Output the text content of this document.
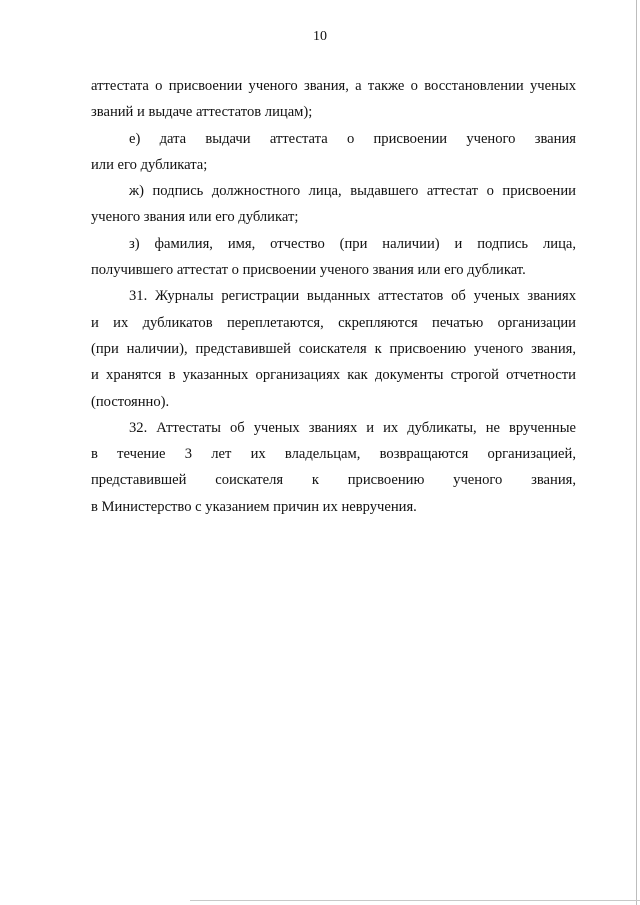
10

аттестата о присвоении ученого звания, а также о восстановлении ученых
званий и выдаче аттестатов лицам);

е) дата выдачи аттестата о присвоении ученого звания
или его дубликата;

ж) подпись должностного лица, выдавшего аттестат о присвоении
ученого звания или его дубликат;

з) фамилия, имя, отчество (при наличии) и подпись лица,
получившего аттестат о присвоении ученого звания или его дубликат.

31. Журналы регистрации выданных аттестатов об ученых званиях
и их дубликатов переплетаются, скрепляются печатью организации
(при наличии), представившей соискателя к присвоению ученого звания,
и хранятся в указанных организациях как документы строгой отчетности
(постоянно).

32. Аттестаты об ученых званиях и их дубликаты, не врученные
в течение 3 лет их владельцам, возвращаются организацией,
представившей соискателя к присвоению ученого звания,
в Министерство с указанием причин их невручения.
